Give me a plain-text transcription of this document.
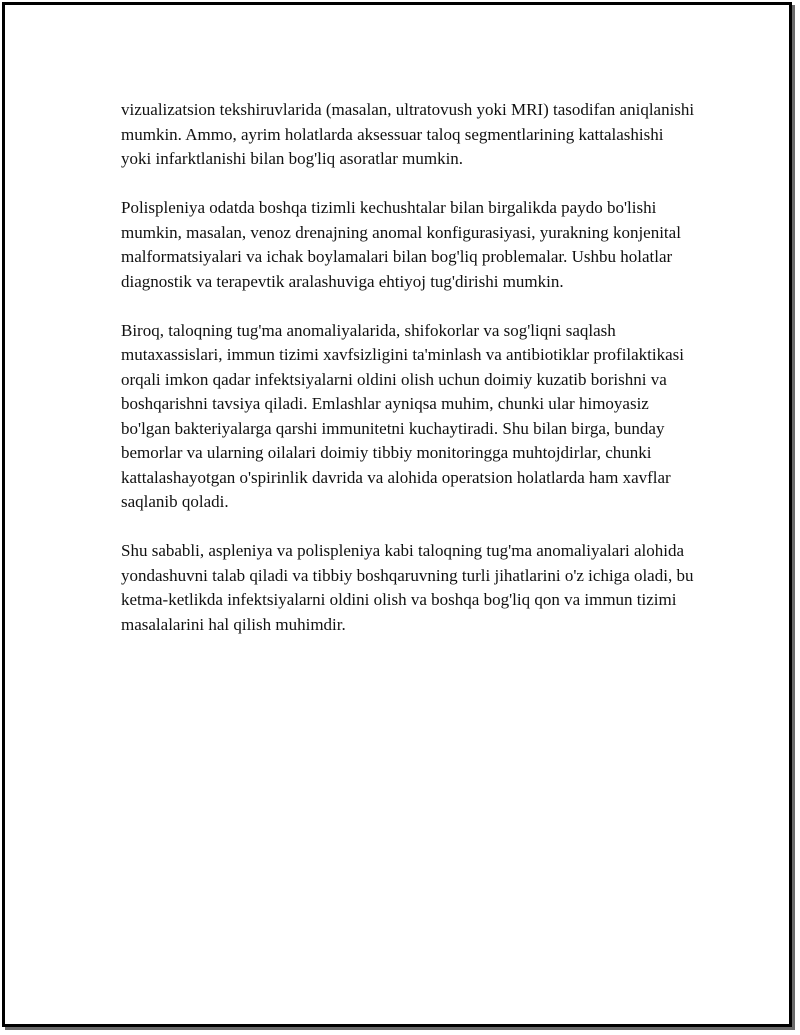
vizualizatsion tekshiruvlarida (masalan, ultratovush yoki MRI) tasodifan aniqlanishi mumkin. Ammo, ayrim holatlarda aksessuar taloq segmentlarining kattalashishi yoki infarktlanishi bilan bog'liq asoratlar mumkin.

Polispleniya odatda boshqa tizimli kechushtalar bilan birgalikda paydo bo'lishi mumkin, masalan, venoz drenajning anomal konfigurasiyasi, yurakning konjenital malformatsiyalari va ichak boylamalari bilan bog'liq problemalar. Ushbu holatlar diagnostik va terapevtik aralashuviga ehtiyoj tug'dirishi mumkin.

Biroq, taloqning tug'ma anomaliyalarida, shifokorlar va sog'liqni saqlash mutaxassislari, immun tizimi xavfsizligini ta'minlash va antibiotiklar profilaktikasi orqali imkon qadar infektsiyalarni oldini olish uchun doimiy kuzatib borishni va boshqarishni tavsiya qiladi. Emlashlar ayniqsa muhim, chunki ular himoyasiz bo'lgan bakteriyalarga qarshi immunitetni kuchaytiradi. Shu bilan birga, bunday bemorlar va ularning oilalari doimiy tibbiy monitoringga muhtojdirlar, chunki kattalashayotgan o'spirinlik davrida va alohida operatsion holatlarda ham xavflar saqlanib qoladi.

Shu sababli, aspleniya va polispleniya kabi taloqning tug'ma anomaliyalari alohida yondashuvni talab qiladi va tibbiy boshqaruvning turli jihatlarini o'z ichiga oladi, bu ketma-ketlikda infektsiyalarni oldini olish va boshqa bog'liq qon va immun tizimi masalalarini hal qilish muhimdir.
